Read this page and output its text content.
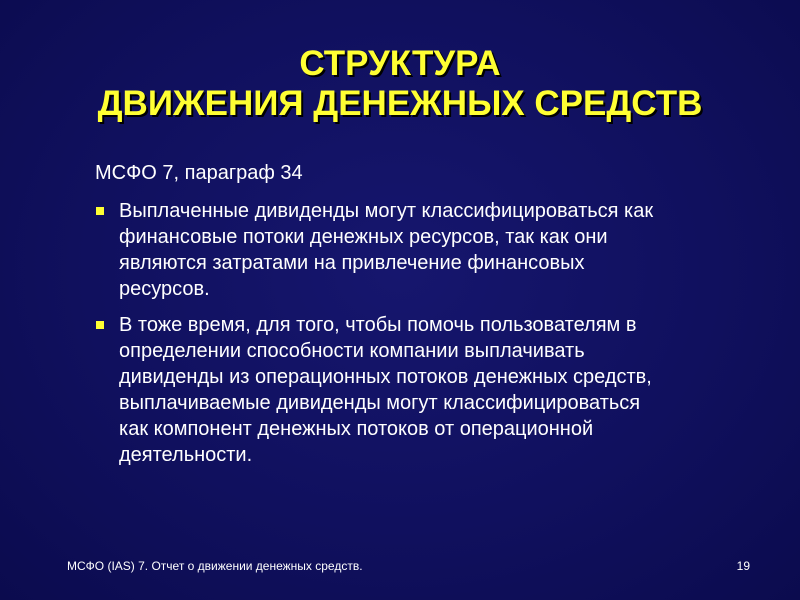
СТРУКТУРА
ДВИЖЕНИЯ ДЕНЕЖНЫХ СРЕДСТВ
МСФО 7, параграф 34
Выплаченные дивиденды могут классифицироваться как
финансовые потоки денежных ресурсов, так как они
являются затратами на привлечение финансовых
ресурсов.
В тоже время, для того, чтобы помочь пользователям в
определении способности компании выплачивать
дивиденды из операционных потоков денежных средств,
выплачиваемые дивиденды могут классифицироваться
как компонент денежных потоков от операционной
деятельности.
МСФО (IAS) 7. Отчет о движении денежных средств.	19
